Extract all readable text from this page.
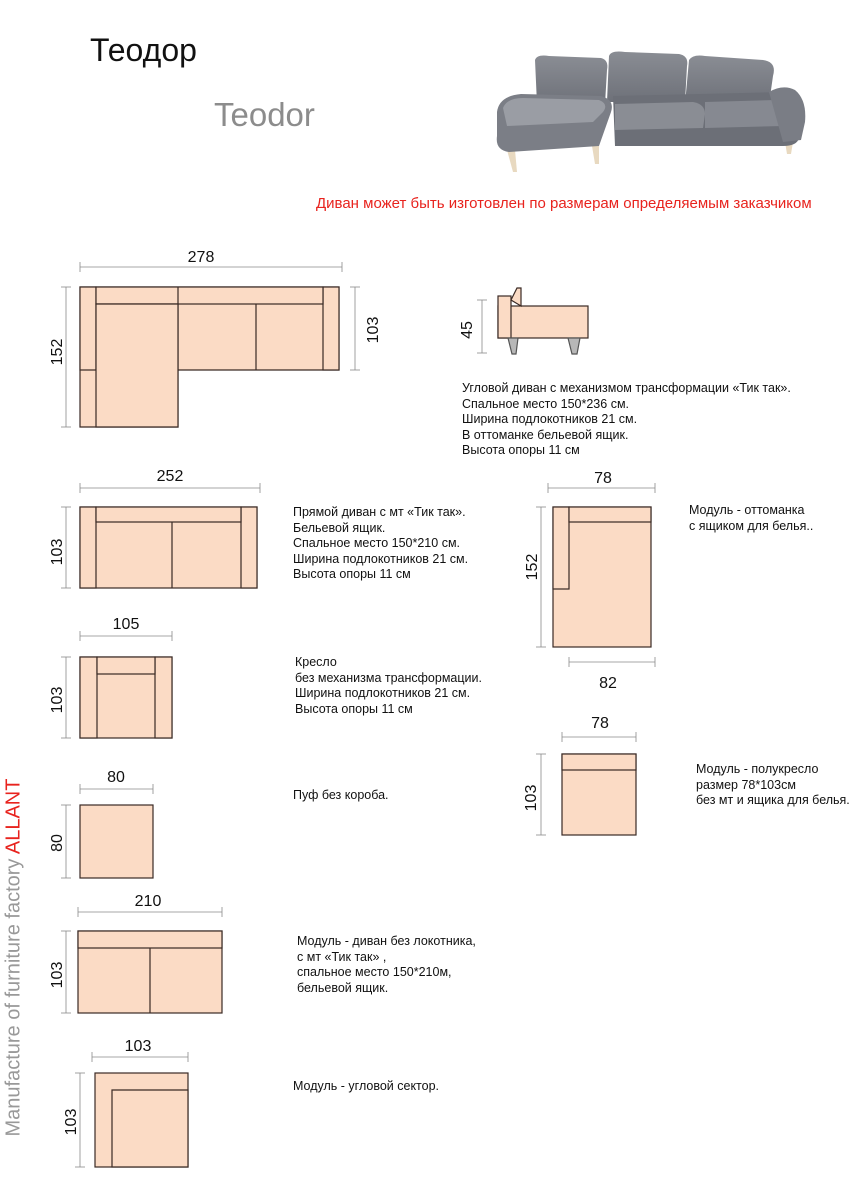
Теодор
Teodor
Диван может быть изготовлен по размерам определяемым заказчиком
Manufacture of furniture factory ALLANT
278
152
103	45
252
103
78
152
82
105
103
78
103
80
80
210
103
103
103
Угловой диван с механизмом трансформации «Тик так».
Спальное место 150*236 см.
Ширина подлокотников 21 см.
В оттоманке бельевой ящик.
Высота опоры 11 см
Прямой диван с мт «Тик так».
Бельевой ящик.
Спальное место 150*210 см.
Ширина подлокотников 21 см.
Высота опоры 11 см
Модуль - оттоманка
с ящиком для белья..
Кресло
без механизма трансформации.
Ширина подлокотников 21 см.
Высота опоры 11 см
Модуль - полукресло
размер 78*103см
без мт и ящика для белья.
Пуф без короба.
Модуль - диван без локотника,
с мт «Тик так» ,
спальное место 150*210м,
бельевой ящик.
Модуль - угловой сектор.
